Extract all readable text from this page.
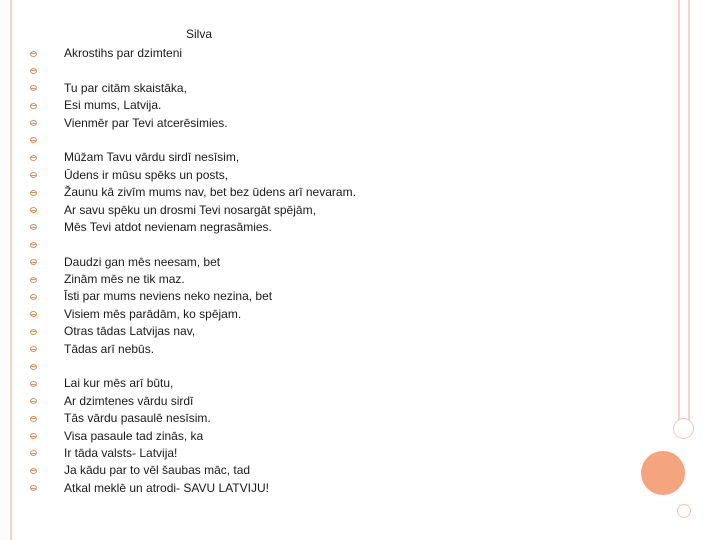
Silva
Akrostihs par dzimteni
Tu par citām skaistāka,
Esi mums, Latvija.
Vienmēr par Tevi atcerēsimies.
Mūžam Tavu vārdu sirdī nesīsim,
Ūdens ir mūsu spēks un posts,
Žaunu kā zivīm mums nav, bet bez ūdens arī nevaram.
Ar savu spēku un drosmi Tevi nosargāt spējām,
Mēs Tevi atdot nevienam negrasāmies.
Daudzi gan mēs neesam, bet
Zinām mēs ne tik maz.
Īsti par mums neviens neko nezina, bet
Visiem mēs parādām, ko spējam.
Otras tādas Latvijas nav,
Tādas arī nebūs.
Lai kur mēs arī būtu,
Ar dzimtenes vārdu sirdī
Tās vārdu pasaulē nesīsim.
Visa pasaule tad zinās, ka
Ir tāda valsts- Latvija!
Ja kādu par to vēl šaubas māc, tad
Atkal meklē un atrodi- SAVU LATVIJU!
